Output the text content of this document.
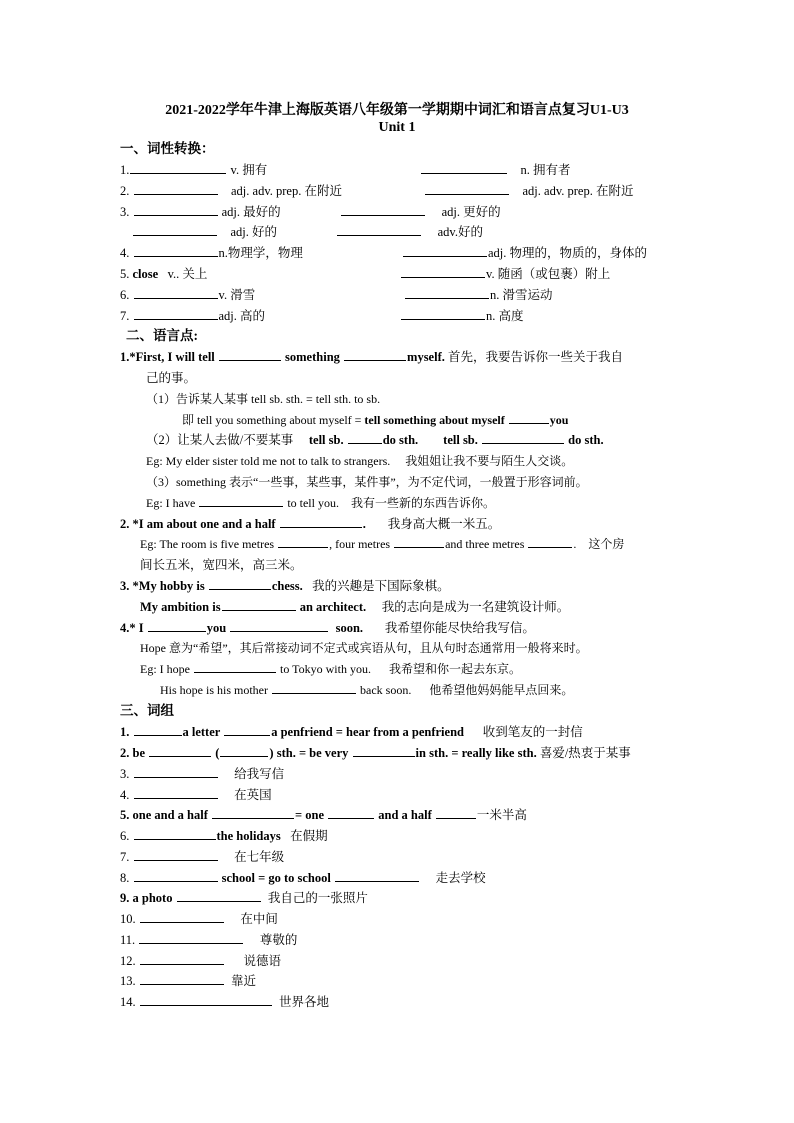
2021-2022学年牛津上海版英语八年级第一学期期中词汇和语言点复习U1-U3
Unit 1
一、词性转换：
1.	v. 拥有	n. 拥有者
2.	adj. adv. prep. 在附近	adj. adv. prep. 在附近
3.	adj. 最好的	adj. 更好的
adj. 好的	adv.好的
4.	n.物理学，物理	adj. 物理的，物质的，身体的
5. close v.. 关上	v. 随函（或包裹）附上
6.	v. 滑雪	n. 滑雪运动
7.	adj. 高的	n. 高度
二、语言点:
1.*First, I will tell	something	myself. 首先，我要告诉你一些关于我自
己的事。
（1）告诉某人某事 tell sb. sth. = tell sth. to sb.
即 tell you something about myself = tell something about myself	you
（2）让某人去做/不要某事 tell sb.	do sth. tell sb.	do sth.
Eg: My elder sister told me not to talk to strangers. 我姐姐让我不要与陌生人交谈。
（3）something 表示“一些事，某些事，某件事”，为不定代词，一般置于形容词前。
Eg: I have	to tell you. 我有一些新的东西告诉你。
2. *I am about one and a half	. 我身高大概一米五。
Eg: The room is five metres	, four metres	and three metres	. 这个房
间长五米，宽四米，高三米。
3. *My hobby is	chess. 我的兴趣是下国际象棋。
My ambition is	an architect. 我的志向是成为一名建筑设计师。
4.* I	you	soon. 我希望你能尽快给我写信。
Hope 意为“希望”，其后常接动词不定式或宾语从句，且从句时态通常用一般将来时。
Eg: I hope	to Tokyo with you. 我希望和你一起去东京。
His hope is his mother	back soon. 他希望他妈妈能早点回来。
三、词组
1.	a letter	a penfriend = hear from a penfriend 收到笔友的一封信
2. be	(	) sth. = be very	in sth. = really like sth. 喜爱/热衷于某事
3.	给我写信
4.	在英国
5. one and a half	= one	and a half	一米半高
6.	the holidays 在假期
7.	在七年级
8.	school = go to school	走去学校
9. a photo	我自己的一张照片
10.	在中间
11.	尊敬的
12.	说德语
13.	靠近
14.	世界各地
